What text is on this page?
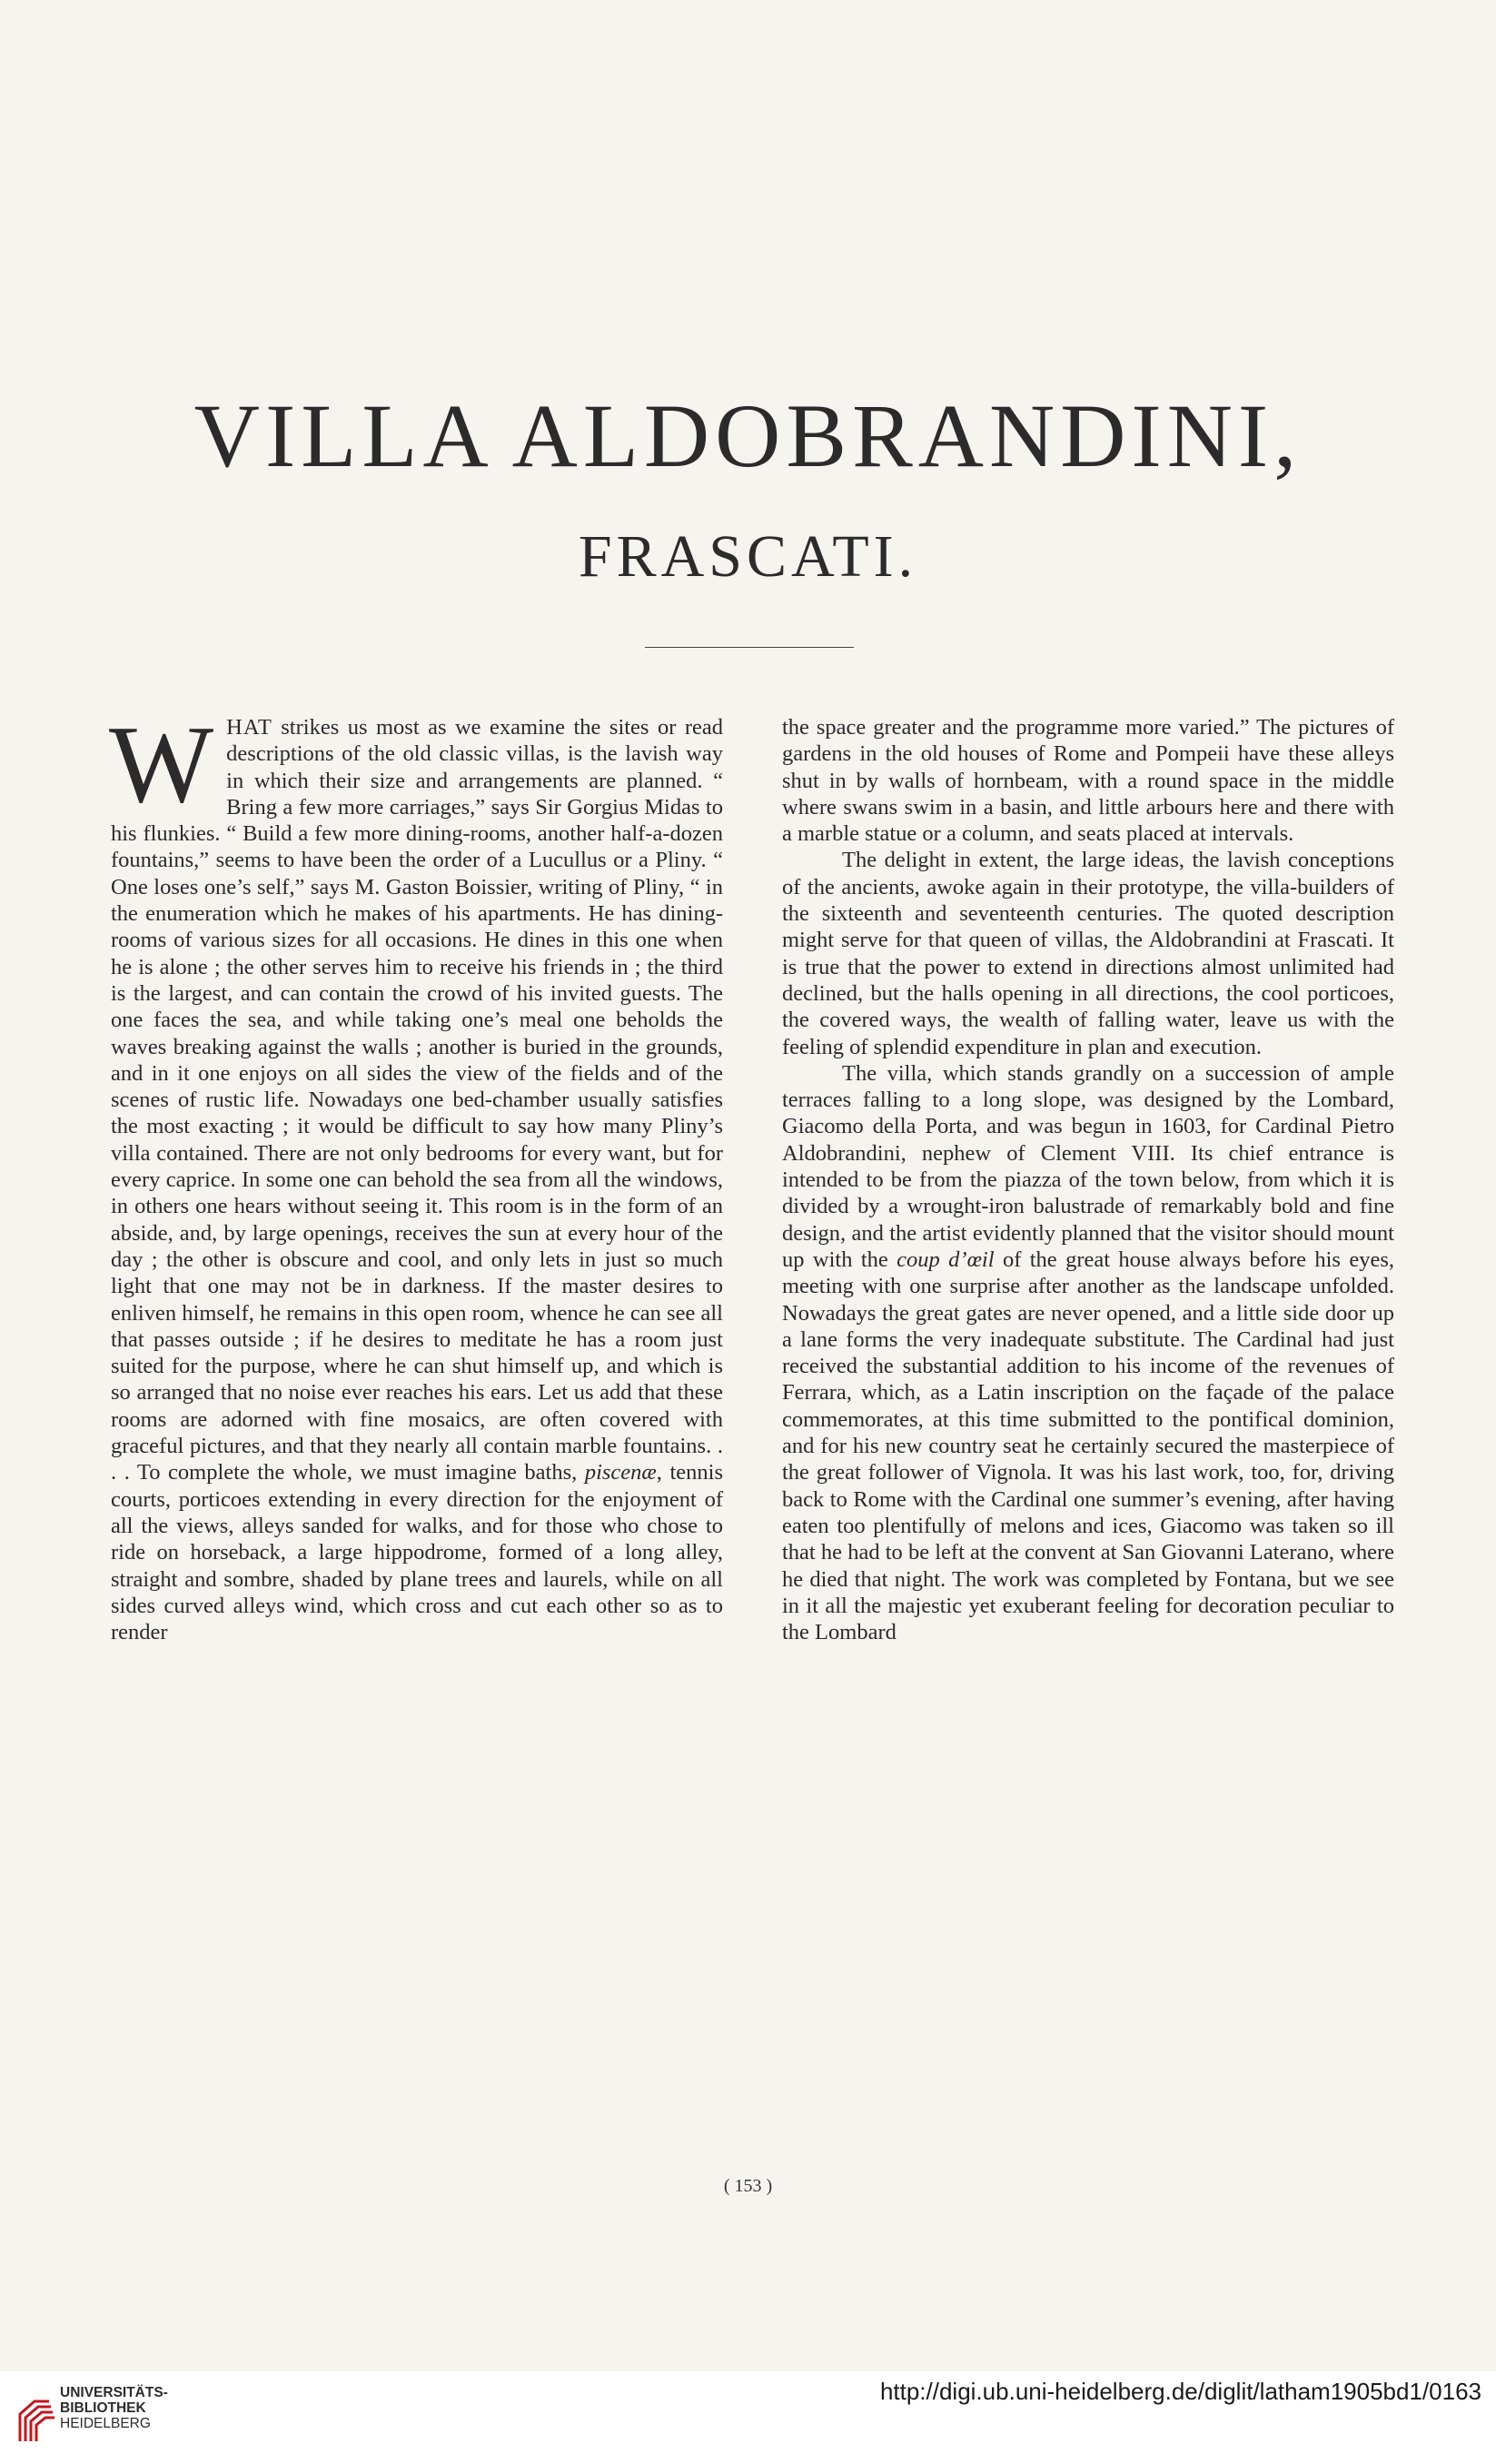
VILLA ALDOBRANDINI,
FRASCATI.

WHAT strikes us most as we examine the sites or read descriptions of the old classic villas, is the lavish way in which their size and arrangements are planned. “ Bring a few more carriages,” says Sir Gorgius Midas to his flunkies. “ Build a few more dining-rooms, another half-a-dozen fountains,” seems to have been the order of a Lucullus or a Pliny. “ One loses one’s self,” says M. Gaston Boissier, writing of Pliny, “ in the enumeration which he makes of his apartments. He has dining-rooms of various sizes for all occasions. He dines in this one when he is alone ; the other serves him to receive his friends in ; the third is the largest, and can contain the crowd of his invited guests. The one faces the sea, and while taking one’s meal one beholds the waves breaking against the walls ; another is buried in the grounds, and in it one enjoys on all sides the view of the fields and of the scenes of rustic life. Nowadays one bed-chamber usually satisfies the most exacting ; it would be difficult to say how many Pliny’s villa contained. There are not only bedrooms for every want, but for every caprice. In some one can behold the sea from all the windows, in others one hears without seeing it. This room is in the form of an abside, and, by large openings, receives the sun at every hour of the day ; the other is obscure and cool, and only lets in just so much light that one may not be in darkness. If the master desires to enliven himself, he remains in this open room, whence he can see all that passes outside ; if he desires to meditate he has a room just suited for the purpose, where he can shut himself up, and which is so arranged that no noise ever reaches his ears. Let us add that these rooms are adorned with fine mosaics, are often covered with graceful pictures, and that they nearly all contain marble fountains. . . . To complete the whole, we must imagine baths, piscenæ, tennis courts, porticoes extending in every direction for the enjoyment of all the views, alleys sanded for walks, and for those who chose to ride on horseback, a large hippodrome, formed of a long alley, straight and sombre, shaded by plane trees and laurels, while on all sides curved alleys wind, which cross and cut each other so as to render

the space greater and the programme more varied.” The pictures of gardens in the old houses of Rome and Pompeii have these alleys shut in by walls of hornbeam, with a round space in the middle where swans swim in a basin, and little arbours here and there with a marble statue or a column, and seats placed at intervals.

The delight in extent, the large ideas, the lavish conceptions of the ancients, awoke again in their prototype, the villa-builders of the sixteenth and seventeenth centuries. The quoted description might serve for that queen of villas, the Aldobrandini at Frascati. It is true that the power to extend in directions almost unlimited had declined, but the halls opening in all directions, the cool porticoes, the covered ways, the wealth of falling water, leave us with the feeling of splendid expenditure in plan and execution.

The villa, which stands grandly on a succession of ample terraces falling to a long slope, was designed by the Lombard, Giacomo della Porta, and was begun in 1603, for Cardinal Pietro Aldobrandini, nephew of Clement VIII. Its chief entrance is intended to be from the piazza of the town below, from which it is divided by a wrought-iron balustrade of remarkably bold and fine design, and the artist evidently planned that the visitor should mount up with the coup d’œil of the great house always before his eyes, meeting with one surprise after another as the landscape unfolded. Nowadays the great gates are never opened, and a little side door up a lane forms the very inadequate substitute. The Cardinal had just received the substantial addition to his income of the revenues of Ferrara, which, as a Latin inscription on the façade of the palace commemorates, at this time submitted to the pontifical dominion, and for his new country seat he certainly secured the masterpiece of the great follower of Vignola. It was his last work, too, for, driving back to Rome with the Cardinal one summer’s evening, after having eaten too plentifully of melons and ices, Giacomo was taken so ill that he had to be left at the convent at San Giovanni Laterano, where he died that night. The work was completed by Fontana, but we see in it all the majestic yet exuberant feeling for decoration peculiar to the Lombard

( 153 )
UNIVERSITÄTS-
BIBLIOTHEK
HEIDELBERG
http://digi.ub.uni-heidelberg.de/diglit/latham1905bd1/0163
